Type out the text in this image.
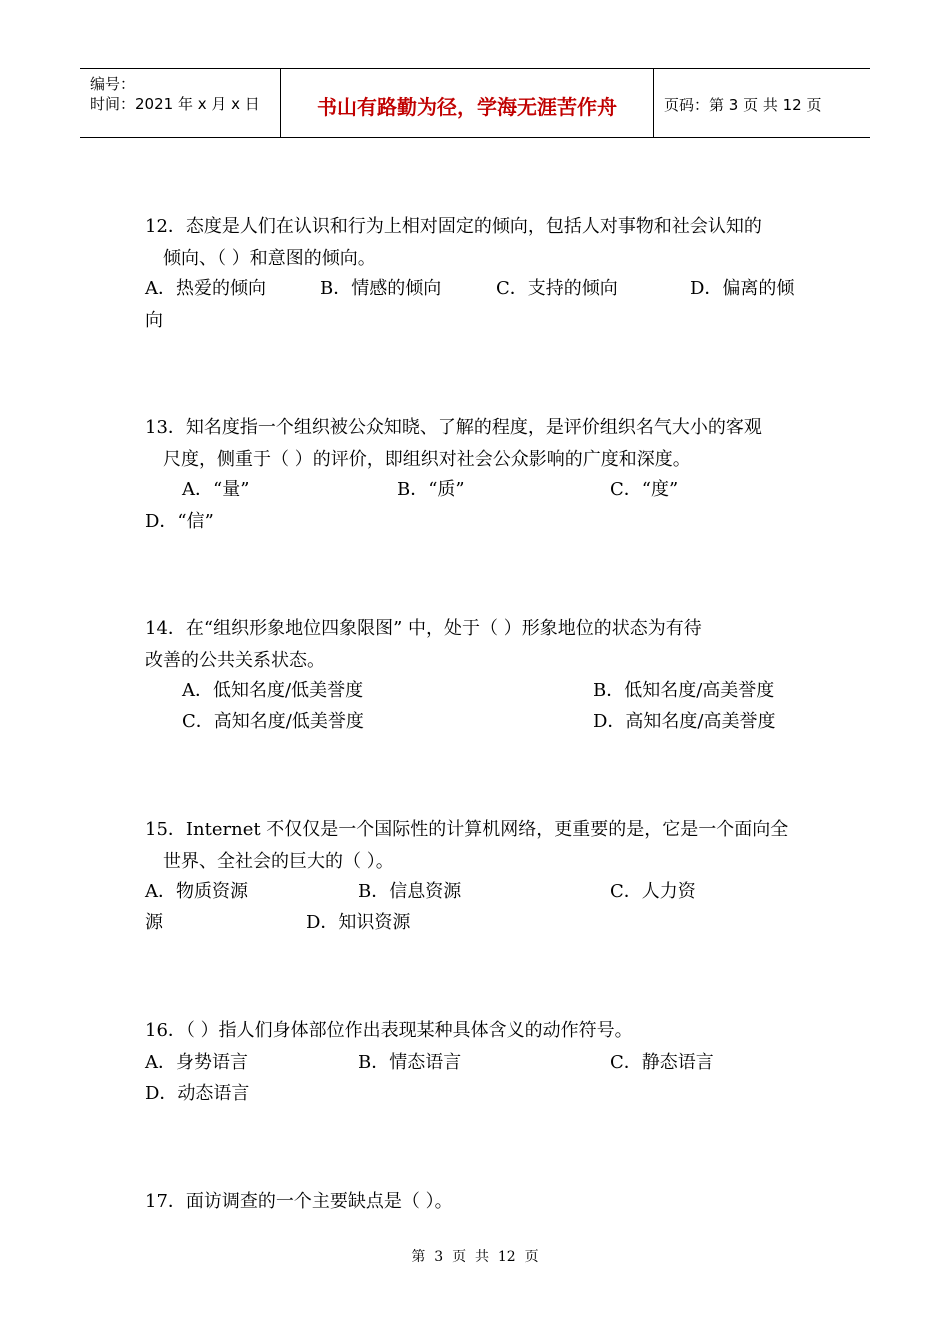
编号：
时间：2021 年 x 月 x 日	书山有路勤为径，学海无涯苦作舟	页码：第 3 页 共 12 页
12．态度是人们在认识和行为上相对固定的倾向，包括人对事物和社会认知的
倾向、（ ）和意图的倾向。
A．热爱的倾向	B．情感的倾向	C．支持的倾向	D．偏离的倾
向
13．知名度指一个组织被公众知晓、了解的程度，是评价组织名气大小的客观
尺度，侧重于（ ）的评价，即组织对社会公众影响的广度和深度。
A．“量”	B．“质”	C．“度”
D．“信”
14．在“组织形象地位四象限图” 中，处于（ ）形象地位的状态为有待
改善的公共关系状态。
A．低知名度/低美誉度	B．低知名度/高美誉度
C．高知名度/低美誉度	D．高知名度/高美誉度
15．Internet 不仅仅是一个国际性的计算机网络，更重要的是，它是一个面向全
世界、全社会的巨大的（ ）。
A．物质资源	B．信息资源	C．人力资
源	D．知识资源
16．（ ）指人们身体部位作出表现某种具体含义的动作符号。
A．身势语言	B．情态语言	C．静态语言
D．动态语言
17．面访调查的一个主要缺点是（ ）。
第  3  页  共  12  页
